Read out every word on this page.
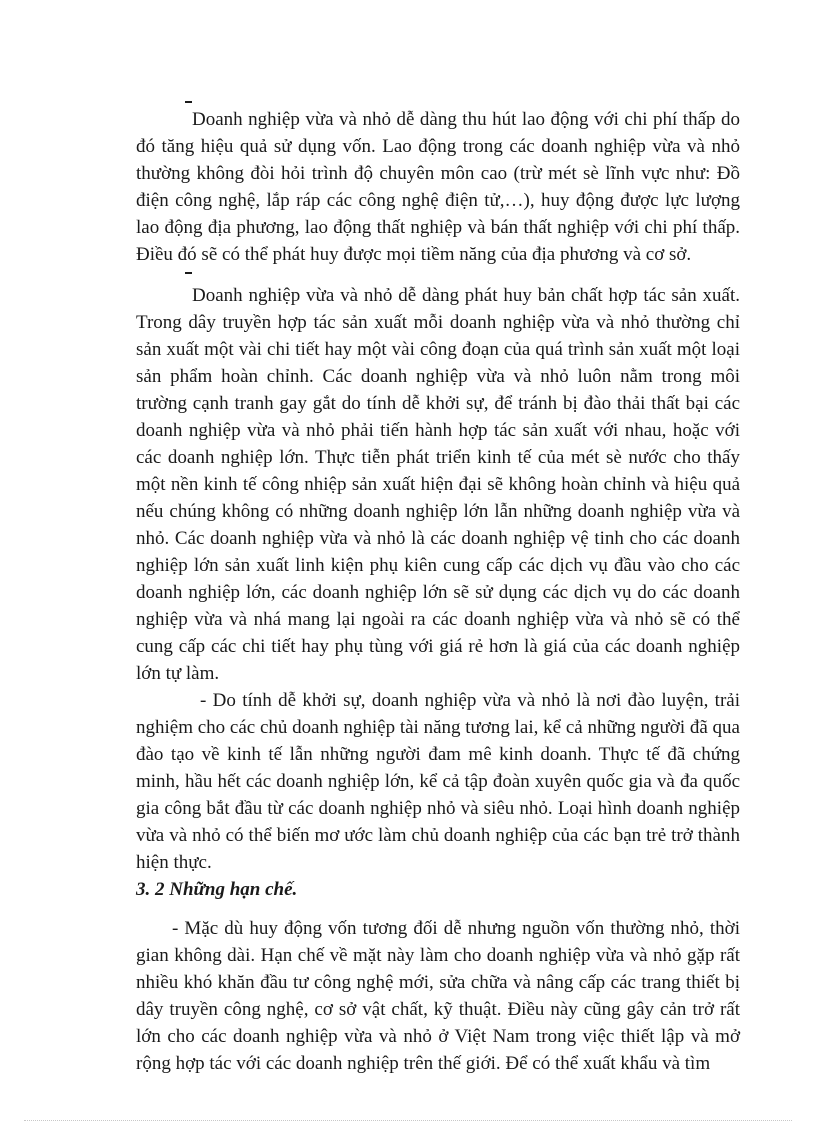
Doanh nghiệp vừa và nhỏ dễ dàng thu hút lao động với chi phí thấp do đó tăng hiệu quả sử dụng vốn. Lao động trong các doanh nghiệp vừa và nhỏ thường không đòi hỏi trình độ chuyên môn cao (trừ mét sè lĩnh vực như: Đồ điện công nghệ, lắp ráp các công nghệ điện tử,…), huy động được lực lượng lao động địa phương, lao động thất nghiệp và bán thất nghiệp với chi phí thấp. Điều đó sẽ có thể phát huy được mọi tiềm năng của địa phương và cơ sở.

Doanh nghiệp vừa và nhỏ dễ dàng phát huy bản chất hợp tác sản xuất. Trong dây truyền hợp tác sản xuất mỗi doanh nghiệp vừa và nhỏ thường chỉ sản xuất một vài chi tiết hay một vài công đoạn của quá trình sản xuất một loại sản phẩm hoàn chỉnh. Các doanh nghiệp vừa và nhỏ luôn nằm trong môi trường cạnh tranh gay gắt do tính dễ khởi sự, để tránh bị đào thải thất bại các doanh nghiệp vừa và nhỏ phải tiến hành hợp tác sản xuất với nhau, hoặc với các doanh nghiệp lớn. Thực tiễn phát triển kinh tế của mét sè nước cho thấy một nền kinh tế công nhiệp sản xuất hiện đại sẽ không hoàn chỉnh và hiệu quả nếu chúng không có những doanh nghiệp lớn lẫn những doanh nghiệp vừa và nhỏ. Các doanh nghiệp vừa và nhỏ là các doanh nghiệp vệ tinh cho các doanh nghiệp lớn sản xuất linh kiện phụ kiên cung cấp các dịch vụ đầu vào cho các doanh nghiệp lớn, các doanh nghiệp lớn sẽ sử dụng các dịch vụ do các doanh nghiệp vừa và nhá mang lại ngoài ra các doanh nghiệp vừa và nhỏ sẽ có thể cung cấp các chi tiết hay phụ tùng với giá rẻ hơn là giá của các doanh nghiệp lớn tự làm.

- Do tính dễ khởi sự, doanh nghiệp vừa và nhỏ là nơi đào luyện, trải nghiệm cho các chủ doanh nghiệp tài năng tương lai, kể cả những người đã qua đào tạo về kinh tế lẫn những người đam mê kinh doanh. Thực tế đã chứng minh, hầu hết các doanh nghiệp lớn, kể cả tập đoàn xuyên quốc gia và đa quốc gia công bắt đầu từ các doanh nghiệp nhỏ và siêu nhỏ. Loại hình doanh nghiệp vừa và nhỏ có thể biến mơ ước làm chủ doanh nghiệp của các bạn trẻ trở thành hiện thực.

3. 2 Những hạn chế.

- Mặc dù huy động vốn tương đối dễ nhưng nguồn vốn thường nhỏ, thời gian không dài. Hạn chế về mặt này làm cho doanh nghiệp vừa và nhỏ gặp rất nhiều khó khăn đầu tư công nghệ mới, sửa chữa và nâng cấp các trang thiết bị dây truyền công nghệ, cơ sở vật chất, kỹ thuật. Điều này cũng gây cản trở rất lớn cho các doanh nghiệp vừa và nhỏ ở Việt Nam trong việc thiết lập và mở rộng hợp tác với các doanh nghiệp trên thế giới. Để có thể xuất khẩu và tìm
